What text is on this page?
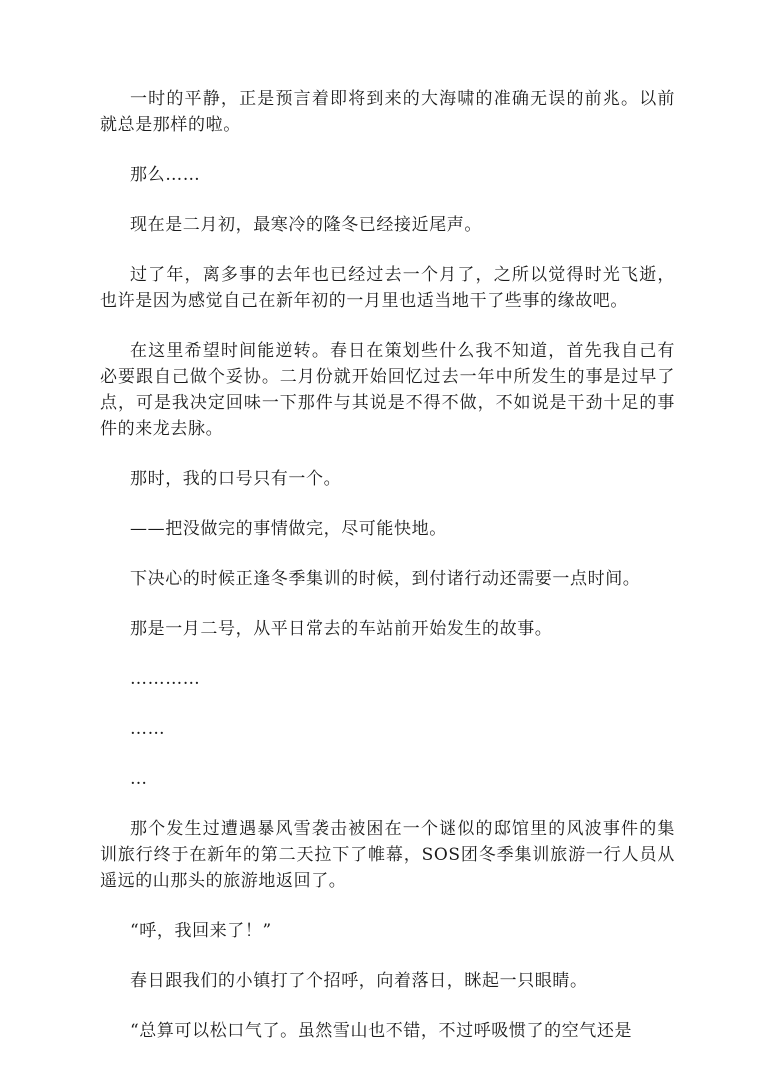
一时的平静，正是预言着即将到来的大海啸的准确无误的前兆。以前就总是那样的啦。

那么……

现在是二月初，最寒冷的隆冬已经接近尾声。

过了年，离多事的去年也已经过去一个月了，之所以觉得时光飞逝，也许是因为感觉自己在新年初的一月里也适当地干了些事的缘故吧。

在这里希望时间能逆转。春日在策划些什么我不知道，首先我自己有必要跟自己做个妥协。二月份就开始回忆过去一年中所发生的事是过早了点，可是我决定回味一下那件与其说是不得不做，不如说是干劲十足的事件的来龙去脉。

那时，我的口号只有一个。

——把没做完的事情做完，尽可能快地。

下决心的时候正逢冬季集训的时候，到付诸行动还需要一点时间。

那是一月二号，从平日常去的车站前开始发生的故事。

…………

……

…

那个发生过遭遇暴风雪袭击被困在一个谜似的邸馆里的风波事件的集训旅行终于在新年的第二天拉下了帷幕，SOS团冬季集训旅游一行人员从遥远的山那头的旅游地返回了。

“呼，我回来了！”

春日跟我们的小镇打了个招呼，向着落日，眯起一只眼睛。

“总算可以松口气了。虽然雪山也不错，不过呼吸惯了的空气还是
